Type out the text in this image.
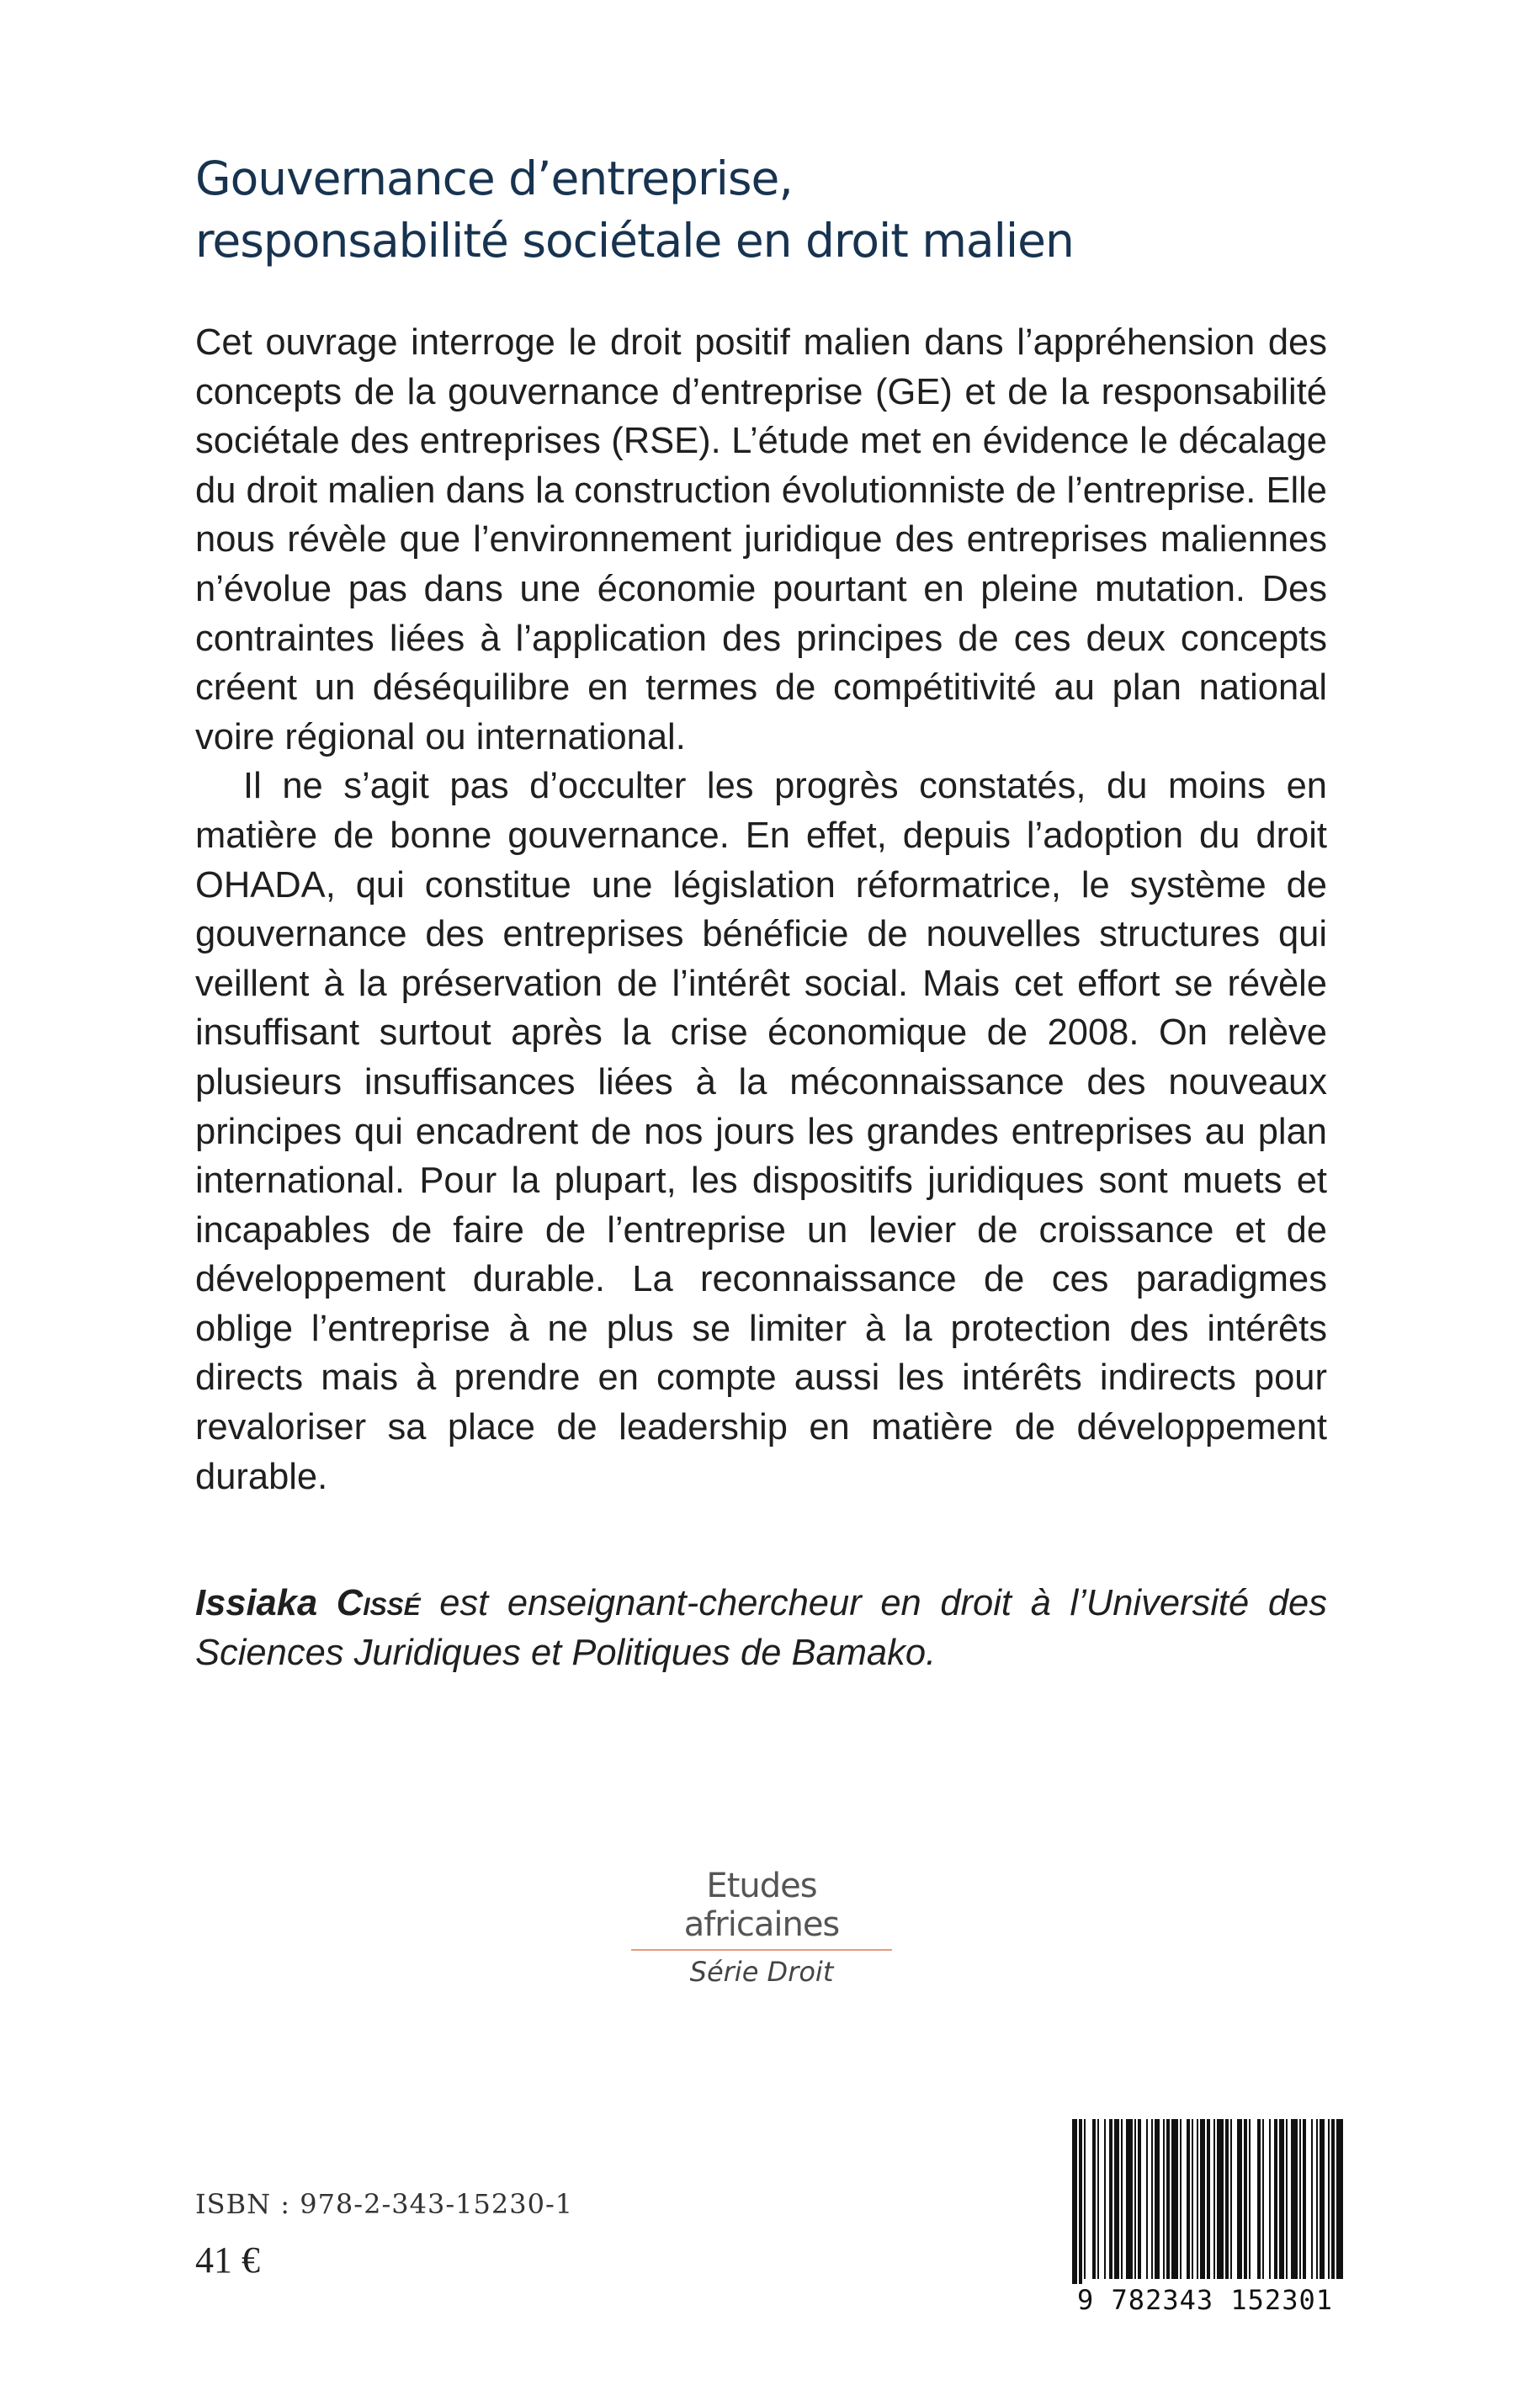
Gouvernance d’entreprise,
responsabilité sociétale en droit malien

Cet ouvrage interroge le droit positif malien dans l’appréhension des concepts de la gouvernance d’entreprise (GE) et de la responsabilité sociétale des entreprises (RSE). L’étude met en évidence le décalage du droit malien dans la construction évolutionniste de l’entreprise. Elle nous révèle que l’environnement juridique des entreprises maliennes n’évolue pas dans une économie pourtant en pleine mutation. Des contraintes liées à l’application des principes de ces deux concepts créent un déséquilibre en termes de compétitivité au plan national voire régional ou international.

Il ne s’agit pas d’occulter les progrès constatés, du moins en matière de bonne gouvernance. En effet, depuis l’adoption du droit OHADA, qui constitue une législation réformatrice, le système de gouvernance des entreprises bénéficie de nouvelles structures qui veillent à la préservation de l’intérêt social. Mais cet effort se révèle insuffisant surtout après la crise économique de 2008. On relève plusieurs insuffisances liées à la méconnaissance des nouveaux principes qui encadrent de nos jours les grandes entreprises au plan international. Pour la plupart, les dispositifs juridiques sont muets et incapables de faire de l’entreprise un levier de croissance et de développement durable. La reconnaissance de ces paradigmes oblige l’entreprise à ne plus se limiter à la protection des intérêts directs mais à prendre en compte aussi les intérêts indirects pour revaloriser sa place de leadership en matière de développement durable.

Issiaka Cissé est enseignant-chercheur en droit à l’Université des Sciences Juridiques et Politiques de Bamako.
Etudes africaines
Série Droit
ISBN : 978-2-343-15230-1
41 €
9 782343 152301
